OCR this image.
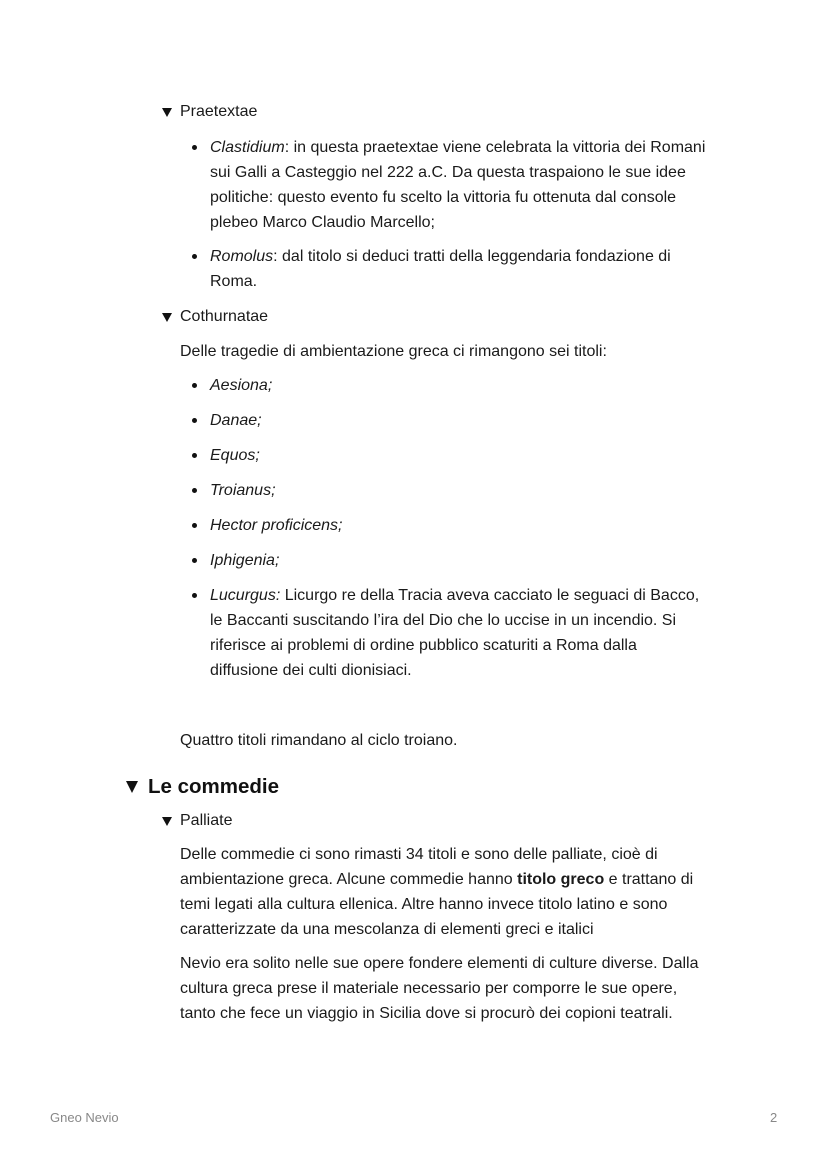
Praetextae
Clastidium: in questa praetextae viene celebrata la vittoria dei Romani
sui Galli a Casteggio nel 222 a.C. Da questa traspaiono le sue idee
politiche: questo evento fu scelto la vittoria fu ottenuta dal console
plebeo Marco Claudio Marcello;
Romolus: dal titolo si deduci tratti della leggendaria fondazione di
Roma.
Cothurnatae
Delle tragedie di ambientazione greca ci rimangono sei titoli:
Aesiona;
Danae;
Equos;
Troianus;
Hector proficicens;
Iphigenia;
Lucurgus: Licurgo re della Tracia aveva cacciato le seguaci di Bacco,
le Baccanti suscitando l’ira del Dio che lo uccise in un incendio. Si
riferisce ai problemi di ordine pubblico scaturiti a Roma dalla
diffusione dei culti dionisiaci.
Quattro titoli rimandano al ciclo troiano.
Le commedie
Palliate
Delle commedie ci sono rimasti 34 titoli e sono delle palliate, cioè di
ambientazione greca. Alcune commedie hanno titolo greco e trattano di
temi legati alla cultura ellenica. Altre hanno invece titolo latino e sono
caratterizzate da una mescolanza di elementi greci e italici
Nevio era solito nelle sue opere fondere elementi di culture diverse. Dalla
cultura greca prese il materiale necessario per comporre le sue opere,
tanto che fece un viaggio in Sicilia dove si procurò dei copioni teatrali.
Gneo Nevio	2
